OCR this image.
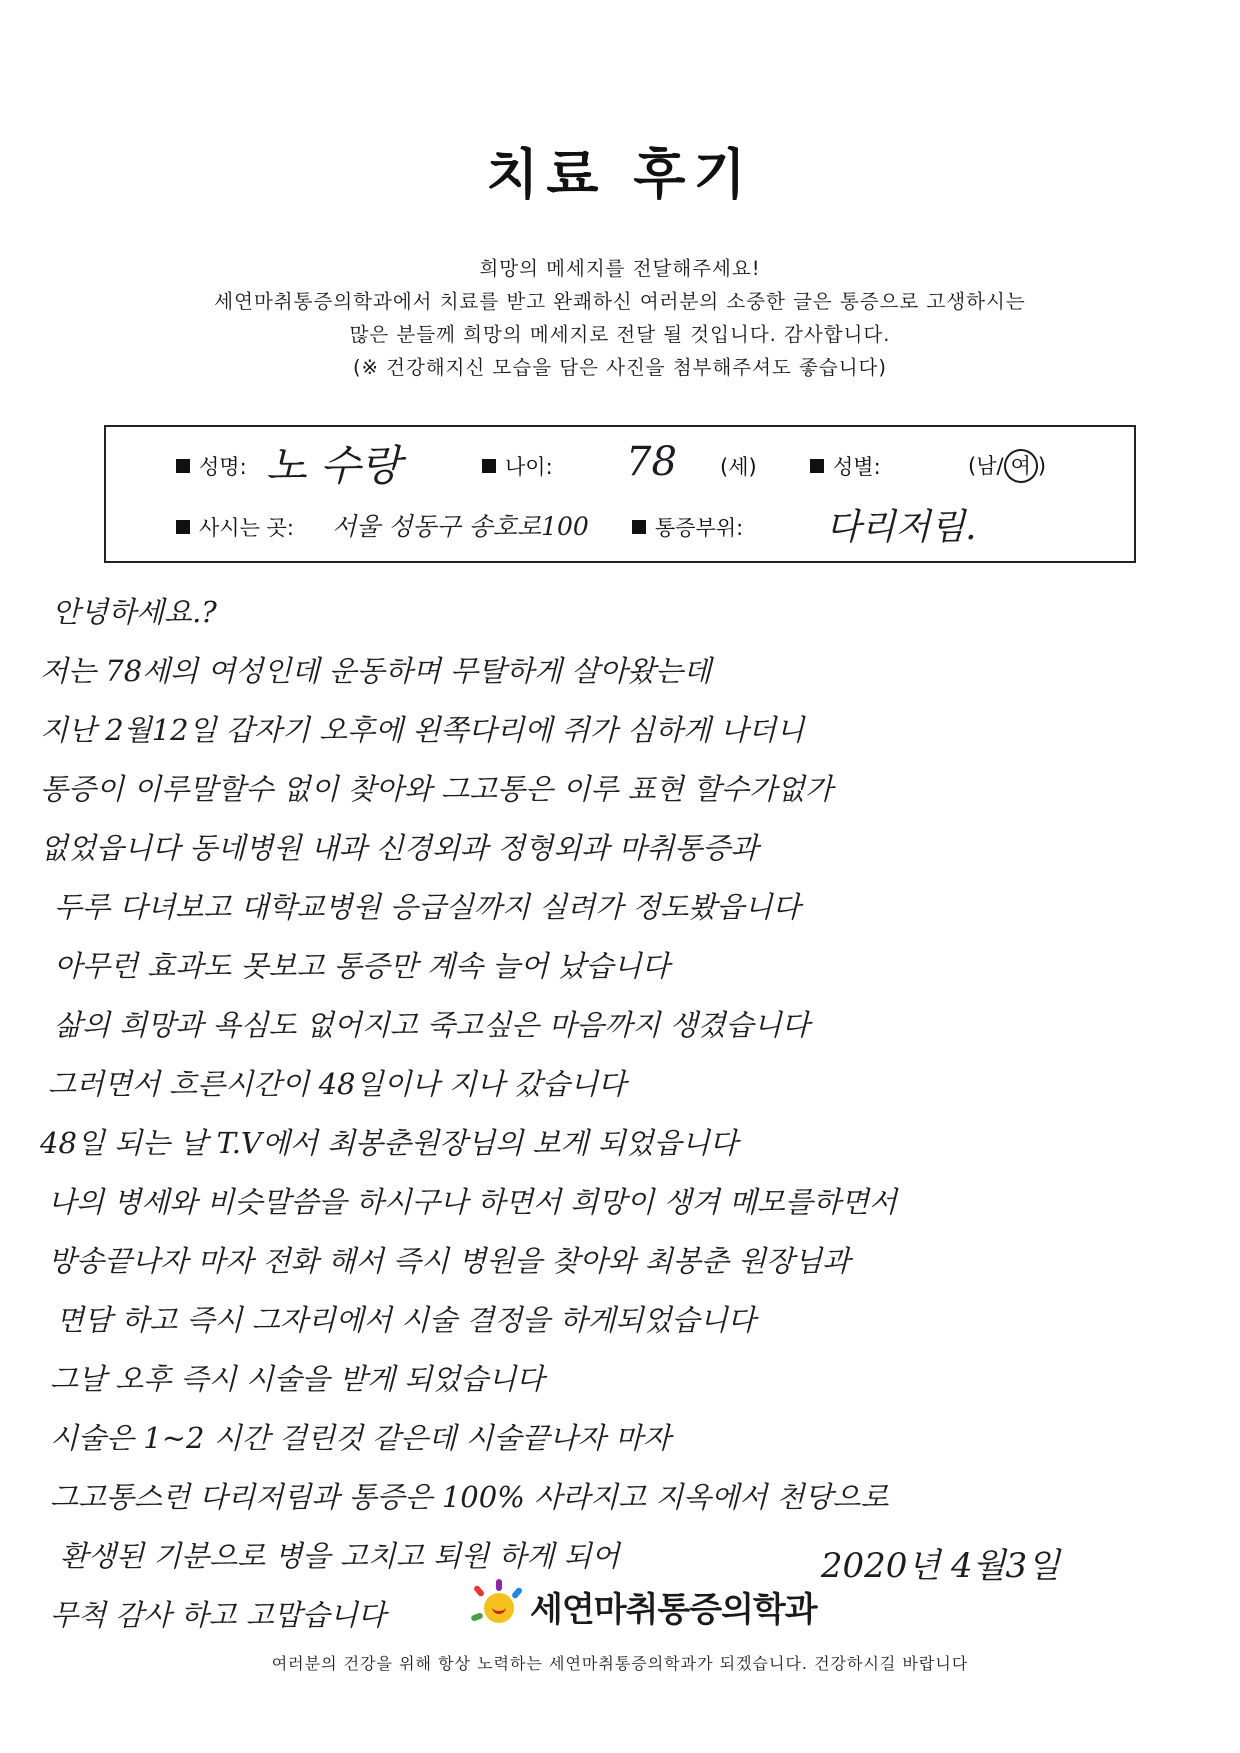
치료 후기
희망의 메세지를 전달해주세요!
세연마취통증의학과에서 치료를 받고 완쾌하신 여러분의 소중한 글은 통증으로 고생하시는
많은 분들께 희망의 메세지로 전달 될 것입니다. 감사합니다.
(※ 건강해지신 모습을 담은 사진을 첨부해주셔도 좋습니다)
성명: 노 수랑	나이: 78 (세)	성별:	(남/ 여 )
사시는 곳: 서울 성동구 송호로100	통증부위: 다리저림.
안녕하세요.?
저는 78세의 여성인데 운동하며 무탈하게 살아왔는데
지난 2월12일 갑자기 오후에 왼쪽다리에 쥐가 심하게 나더니
통증이 이루말할수 없이 찾아와 그고통은 이루 표현 할수가없가
없었읍니다 동네병원 내과 신경외과 정형외과 마취통증과
두루 다녀보고 대학교병원 응급실까지 실려가 정도봤읍니다
아무런 효과도 못보고 통증만 계속 늘어 났습니다
삶의 희망과 욕심도 없어지고 죽고싶은 마음까지 생겼습니다
그러면서 흐른시간이 48일이나 지나 갔습니다
48일 되는 날 T.V에서 최봉춘원장님의 보게 되었읍니다
나의 병세와 비슷말씀을 하시구나 하면서 희망이 생겨 메모를하면서
방송끝나자 마자 전화 해서 즉시 병원을 찾아와 최봉춘 원장님과
면담 하고 즉시 그자리에서 시술 결정을 하게되었습니다
그날 오후 즉시 시술을 받게 되었습니다
시술은 1~2 시간 걸린것 같은데 시술끝나자 마자
그고통스런 다리저림과 통증은 100% 사라지고 지옥에서 천당으로
환생된 기분으로 병을 고치고 퇴원 하게 되어
무척 감사 하고 고맙습니다
2020년 4월3일
세연마취통증의학과
여러분의 건강을 위해 항상 노력하는 세연마취통증의학과가 되겠습니다. 건강하시길 바랍니다
